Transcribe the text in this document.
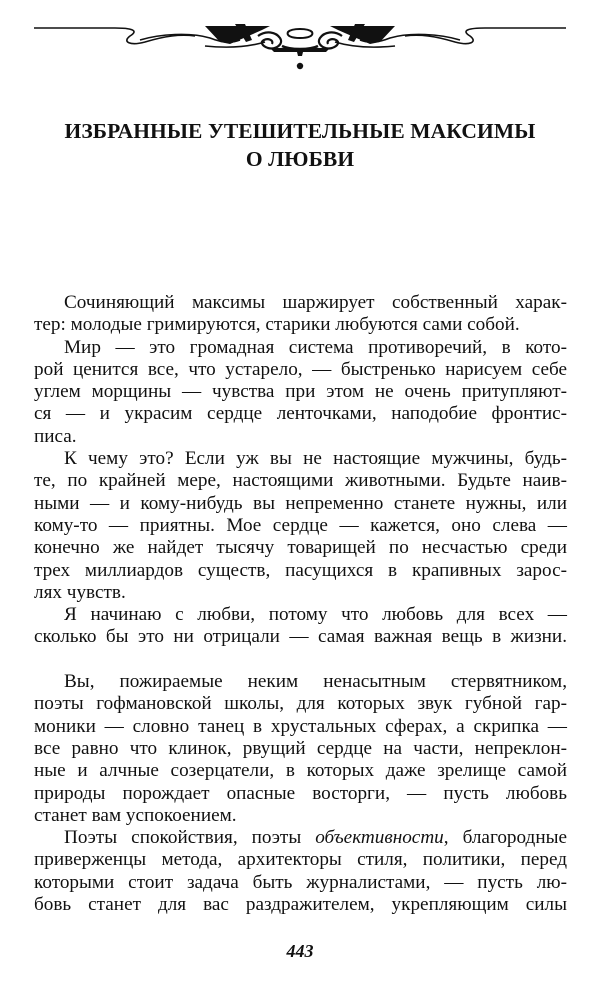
ИЗБРАННЫЕ УТЕШИТЕЛЬНЫЕ МАКСИМЫ
О ЛЮБВИ
Сочиняющий максимы шаржирует собственный харак-
тер: молодые гримируются, старики любуются сами собой.
Мир — это громадная система противоречий, в кото-
рой ценится все, что устарело, — быстренько нарисуем себе
углем морщины — чувства при этом не очень притупляют-
ся — и украсим сердце ленточками, наподобие фронтис-
писа.
К чему это? Если уж вы не настоящие мужчины, будь-
те, по крайней мере, настоящими животными. Будьте наив-
ными — и кому-нибудь вы непременно станете нужны, или
кому-то — приятны. Мое сердце — кажется, оно слева —
конечно же найдет тысячу товарищей по несчастью среди
трех миллиардов существ, пасущихся в крапивных зарос-
лях чувств.
Я начинаю с любви, потому что любовь для всех —
сколько бы это ни отрицали — самая важная вещь в жизни.
Вы, пожираемые неким ненасытным стервятником,
поэты гофмановской школы, для которых звук губной гар-
моники — словно танец в хрустальных сферах, а скрипка —
все равно что клинок, рвущий сердце на части, непреклон-
ные и алчные созерцатели, в которых даже зрелище самой
природы порождает опасные восторги, — пусть любовь
станет вам успокоением.
Поэты спокойствия, поэты объективности, благородные
приверженцы метода, архитекторы стиля, политики, перед
которыми стоит задача быть журналистами, — пусть лю-
бовь станет для вас раздражителем, укрепляющим силы
443
